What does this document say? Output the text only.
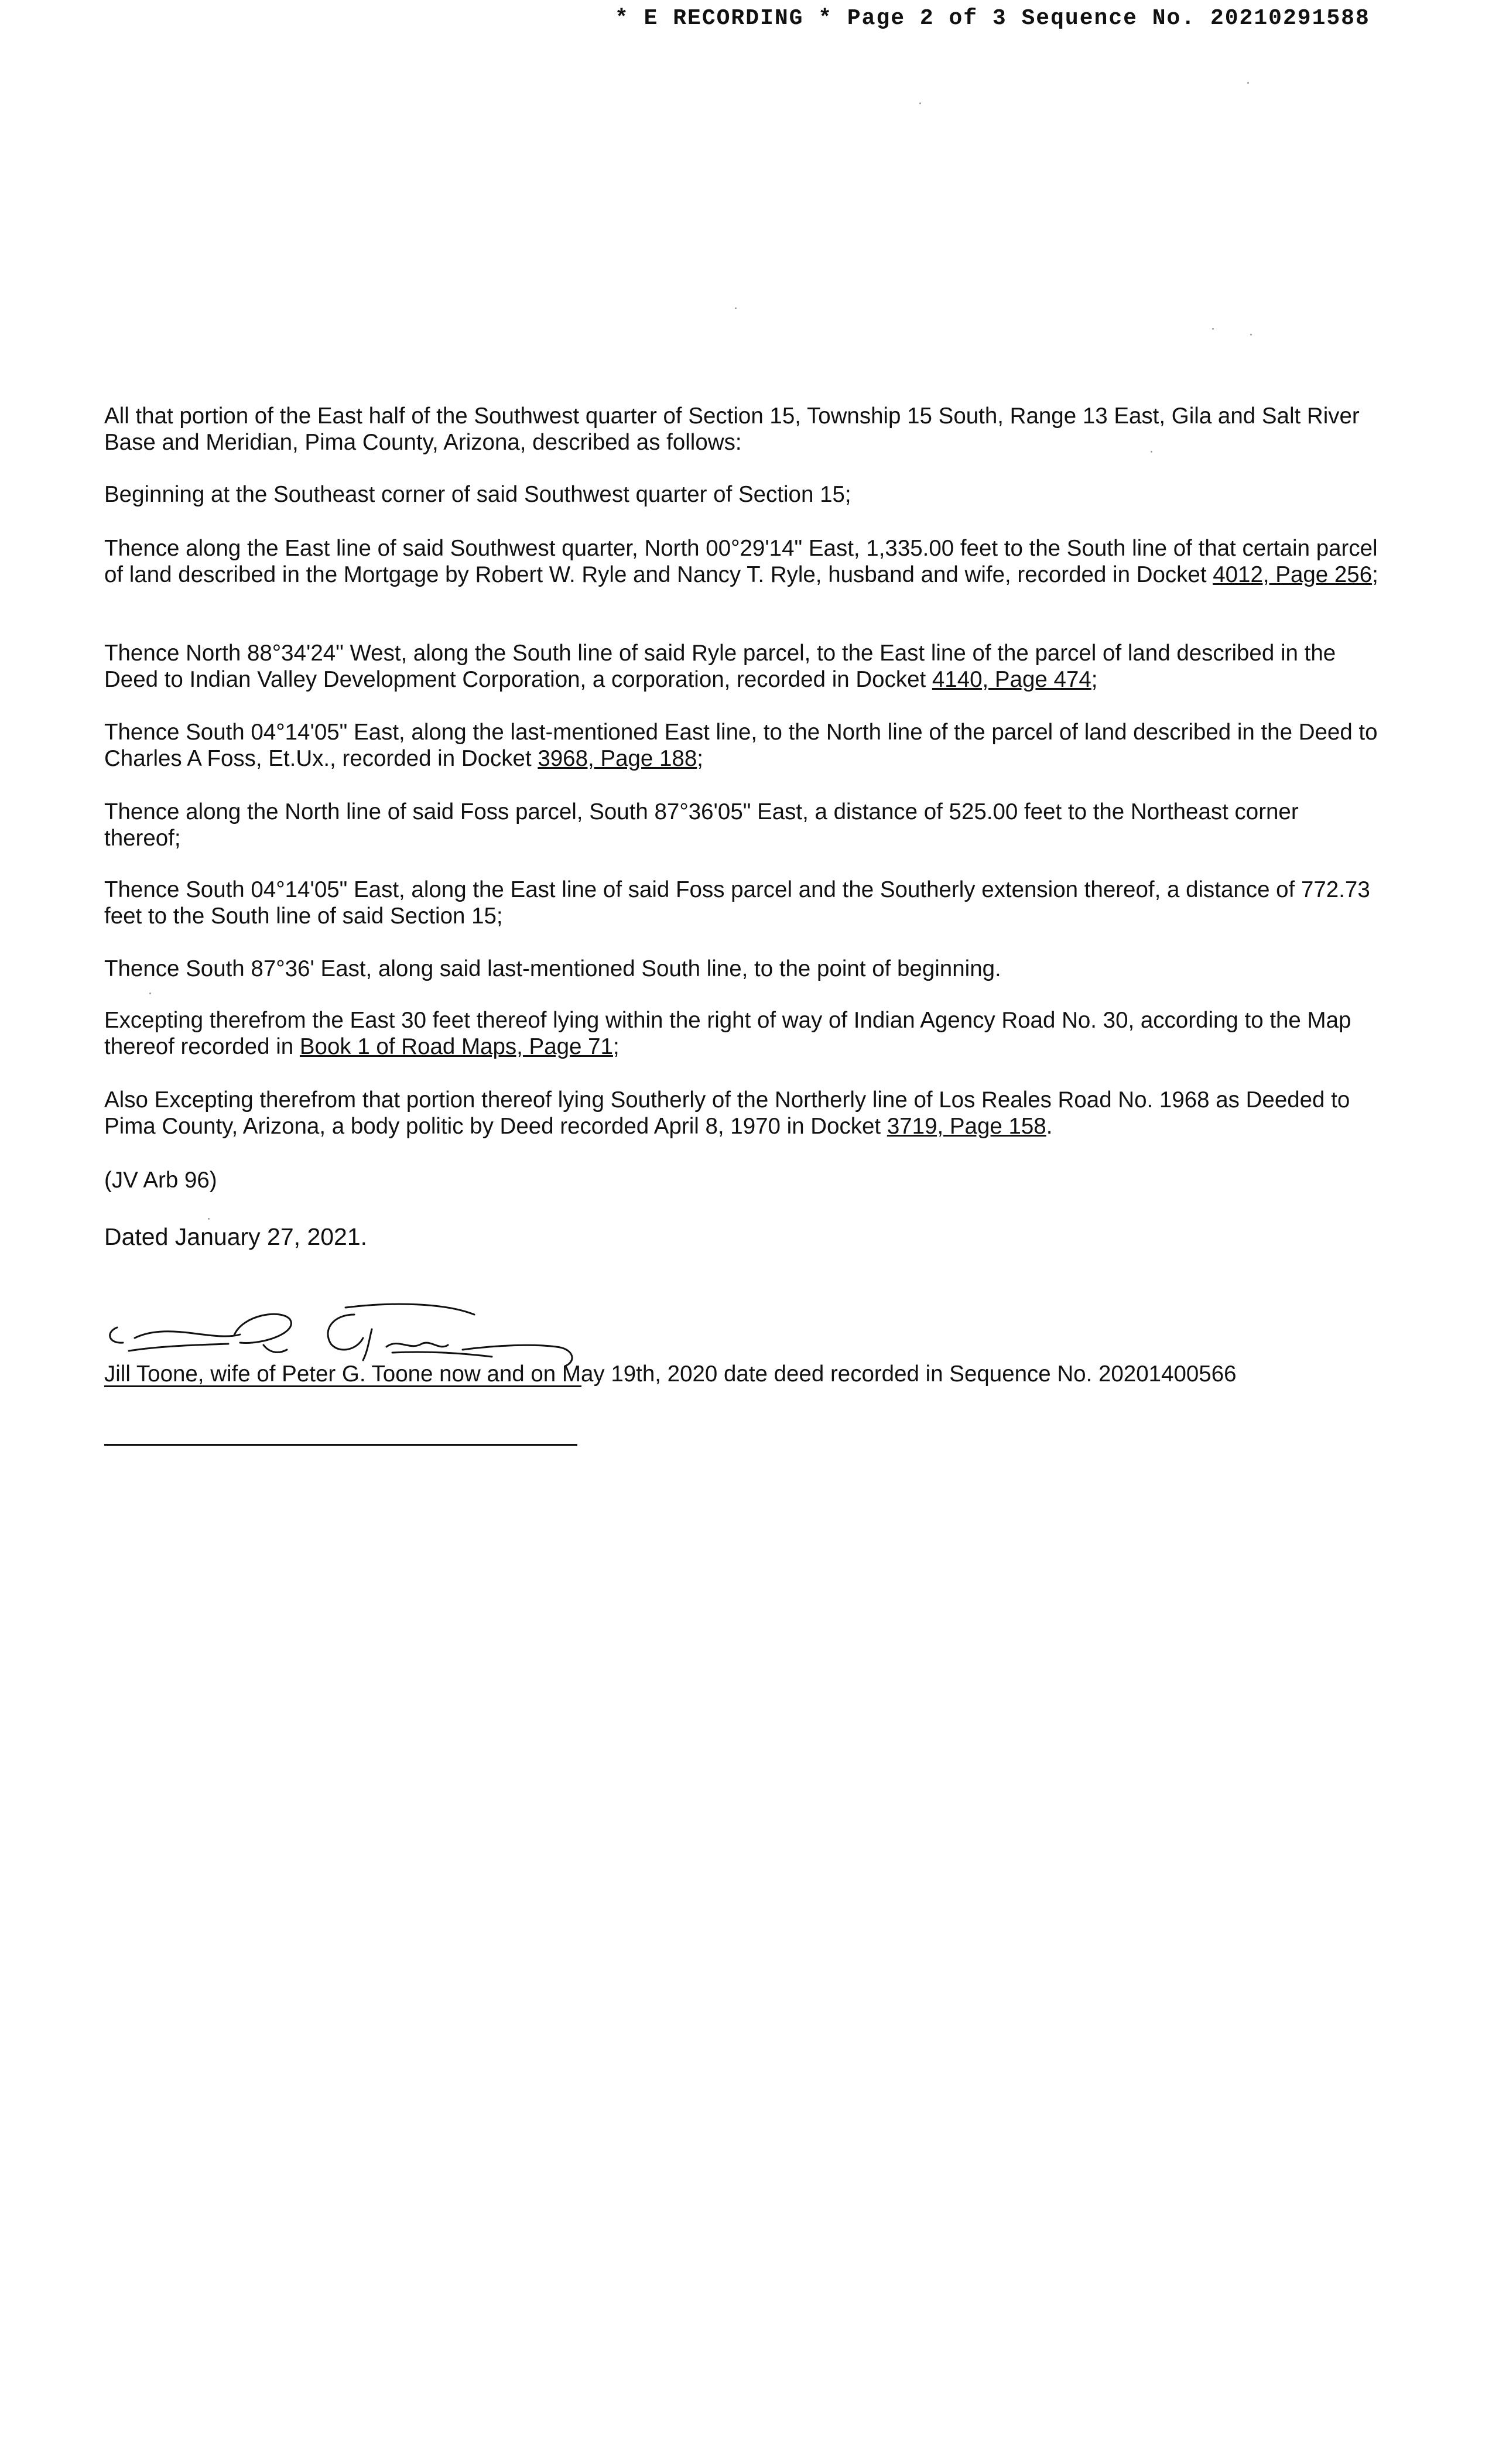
* E RECORDING * Page 2 of 3 Sequence No. 20210291588

All that portion of the East half of the Southwest quarter of Section 15, Township 15 South, Range 13 East, Gila and Salt River Base and Meridian, Pima County, Arizona, described as follows:

Beginning at the Southeast corner of said Southwest quarter of Section 15;

Thence along the East line of said Southwest quarter, North 00°29'14" East, 1,335.00 feet to the South line of that certain parcel of land described in the Mortgage by Robert W. Ryle and Nancy T. Ryle, husband and wife, recorded in Docket 4012, Page 256;

Thence North 88°34'24" West, along the South line of said Ryle parcel, to the East line of the parcel of land described in the Deed to Indian Valley Development Corporation, a corporation, recorded in Docket 4140, Page 474;

Thence South 04°14'05" East, along the last-mentioned East line, to the North line of the parcel of land described in the Deed to Charles A Foss, Et.Ux., recorded in Docket 3968, Page 188;

Thence along the North line of said Foss parcel, South 87°36'05" East, a distance of 525.00 feet to the Northeast corner thereof;

Thence South 04°14'05" East, along the East line of said Foss parcel and the Southerly extension thereof, a distance of 772.73 feet to the South line of said Section 15;

Thence South 87°36' East, along said last-mentioned South line, to the point of beginning.

Excepting therefrom the East 30 feet thereof lying within the right of way of Indian Agency Road No. 30, according to the Map thereof recorded in Book 1 of Road Maps, Page 71;

Also Excepting therefrom that portion thereof lying Southerly of the Northerly line of Los Reales Road No. 1968 as Deeded to Pima County, Arizona, a body politic by Deed recorded April 8, 1970 in Docket 3719, Page 158.

(JV Arb 96)

Dated January 27, 2021.

Jill Toone, wife of Peter G. Toone now and on May 19th, 2020 date deed recorded in Sequence No. 20201400566
